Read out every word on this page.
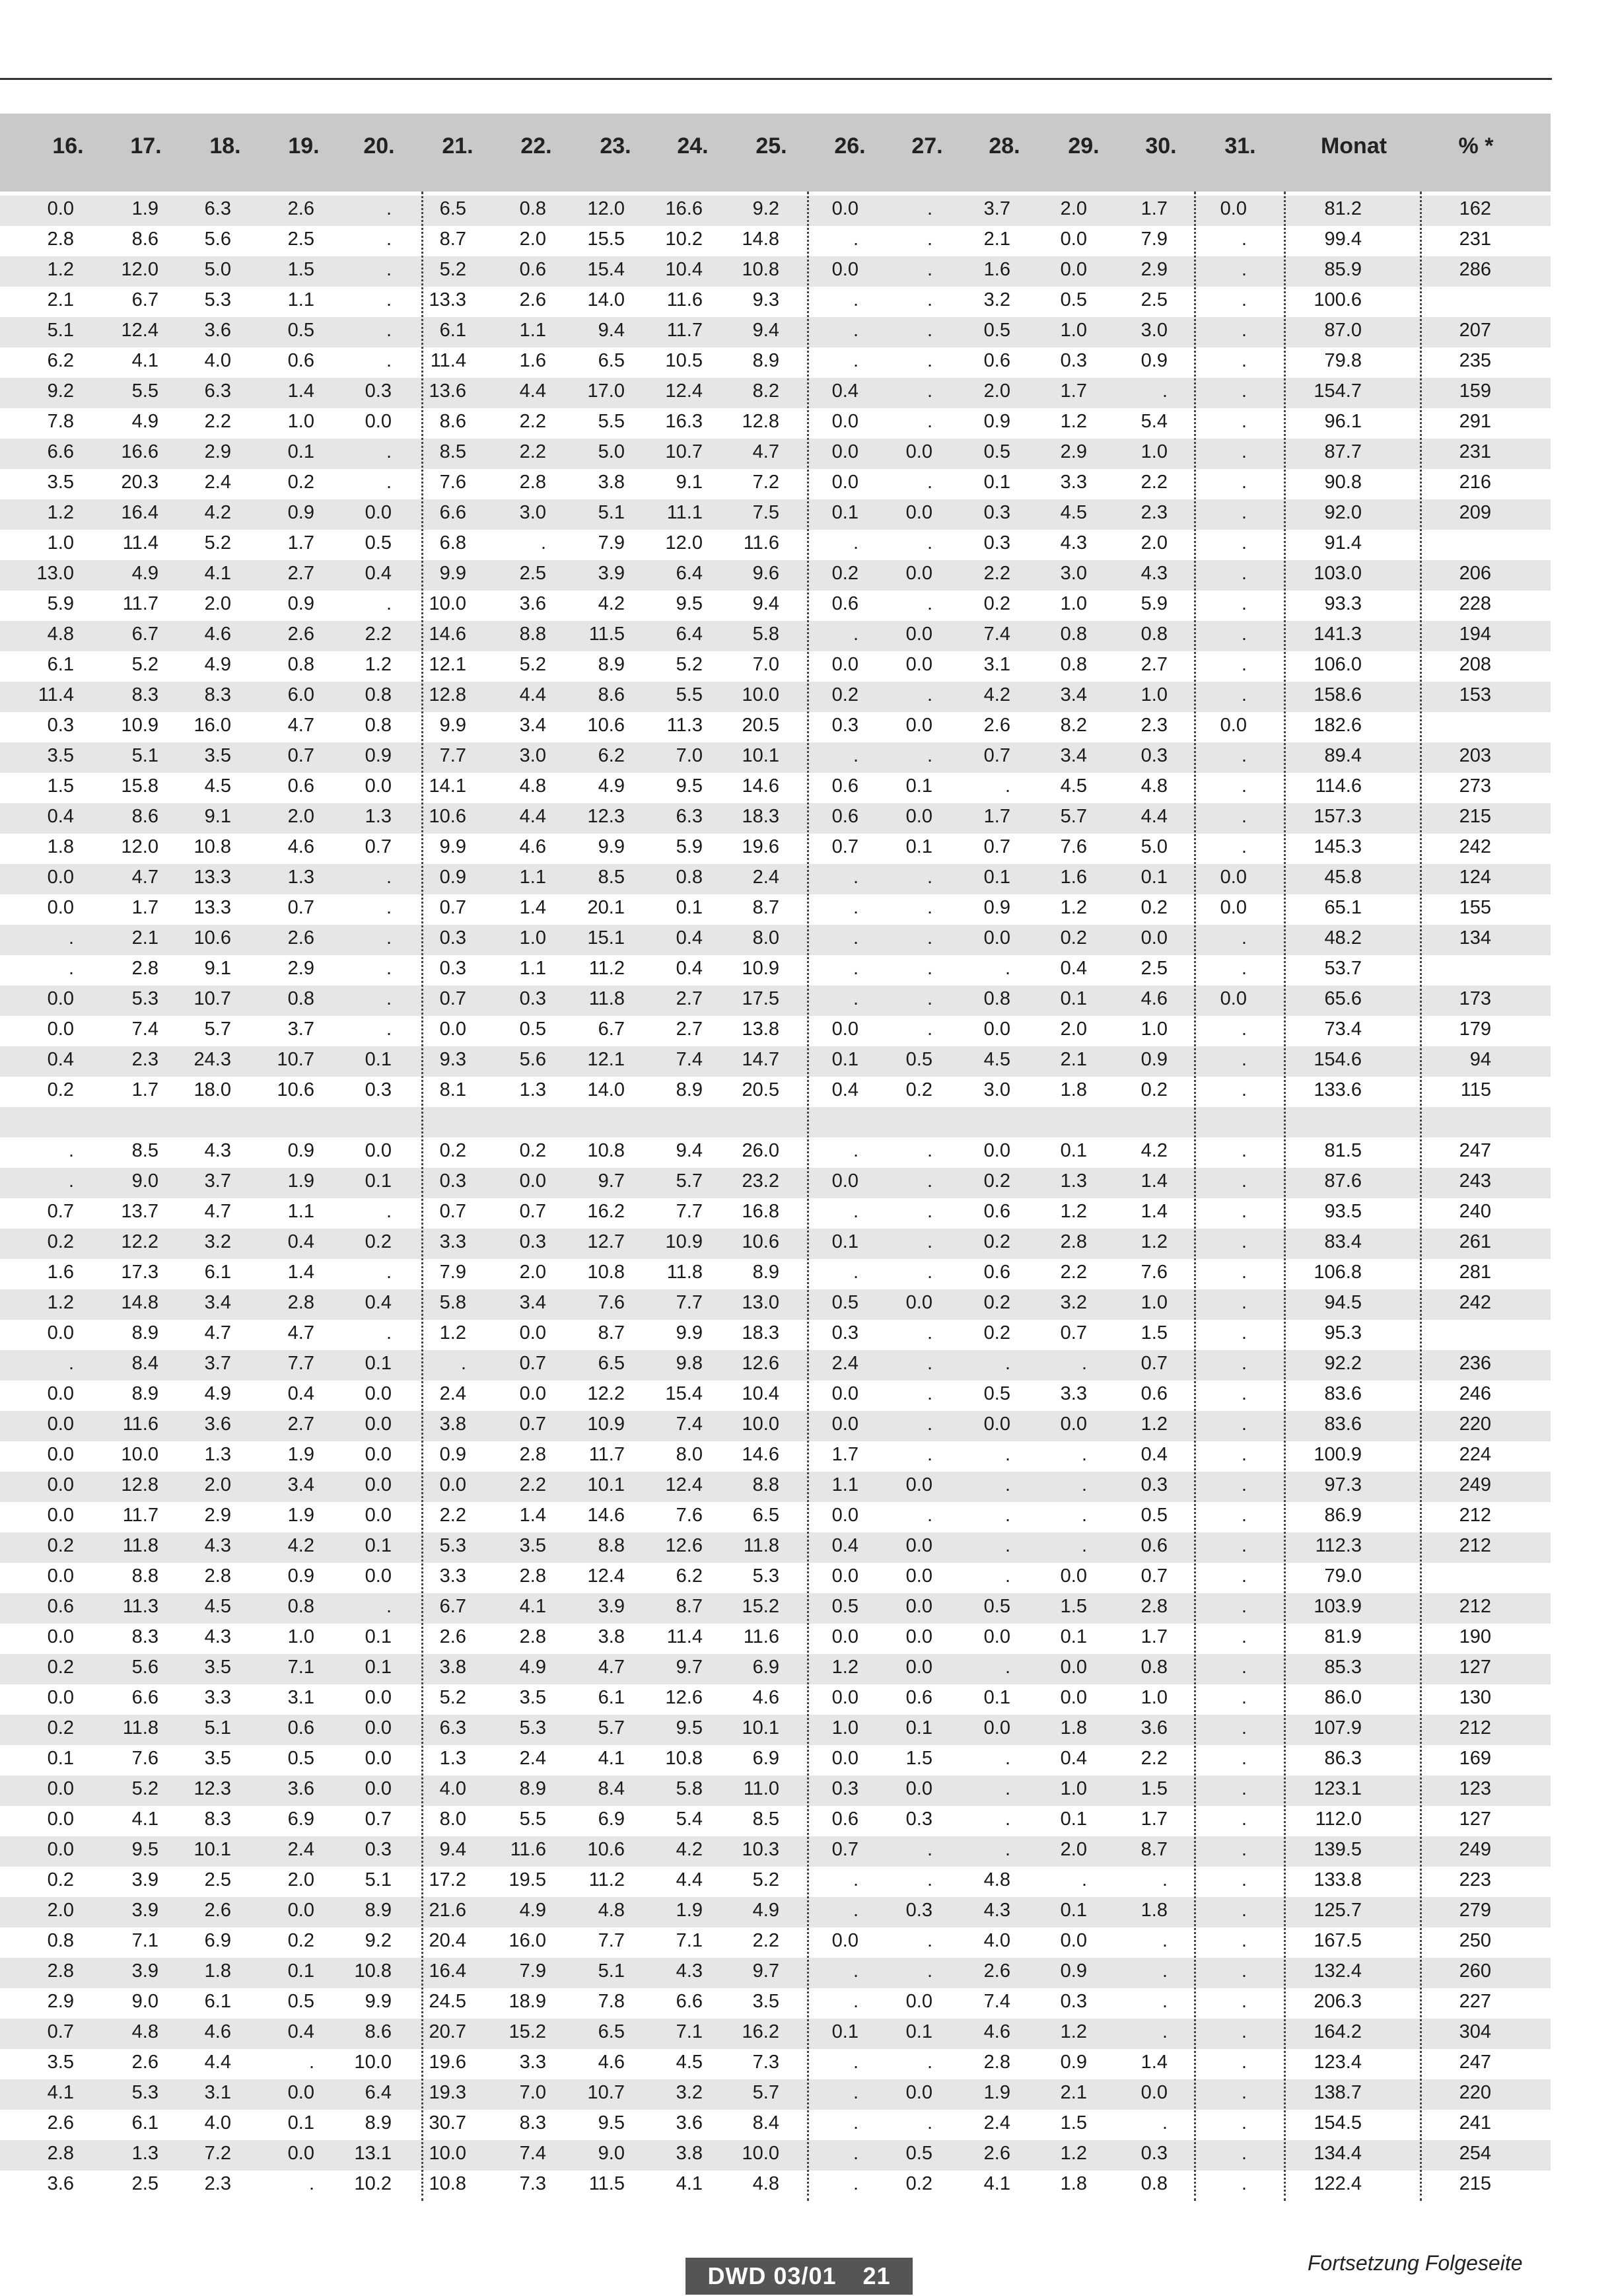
16.	17.	18.	19.	20.	21.	22.	23.	24.	25.	26.	27.	28.	29.	30.	31.	Monat	% *
0.0	1.9	6.3	2.6	.	6.5	0.8	12.0	16.6	9.2	0.0	.	3.7	2.0	1.7	0.0	81.2	162
2.8	8.6	5.6	2.5	.	8.7	2.0	15.5	10.2	14.8	.	.	2.1	0.0	7.9	.	99.4	231
1.2	12.0	5.0	1.5	.	5.2	0.6	15.4	10.4	10.8	0.0	.	1.6	0.0	2.9	.	85.9	286
2.1	6.7	5.3	1.1	.	13.3	2.6	14.0	11.6	9.3	.	.	3.2	0.5	2.5	.	100.6
5.1	12.4	3.6	0.5	.	6.1	1.1	9.4	11.7	9.4	.	.	0.5	1.0	3.0	.	87.0	207
6.2	4.1	4.0	0.6	.	11.4	1.6	6.5	10.5	8.9	.	.	0.6	0.3	0.9	.	79.8	235
9.2	5.5	6.3	1.4	0.3	13.6	4.4	17.0	12.4	8.2	0.4	.	2.0	1.7	.	.	154.7	159
7.8	4.9	2.2	1.0	0.0	8.6	2.2	5.5	16.3	12.8	0.0	.	0.9	1.2	5.4	.	96.1	291
6.6	16.6	2.9	0.1	.	8.5	2.2	5.0	10.7	4.7	0.0	0.0	0.5	2.9	1.0	.	87.7	231
3.5	20.3	2.4	0.2	.	7.6	2.8	3.8	9.1	7.2	0.0	.	0.1	3.3	2.2	.	90.8	216
1.2	16.4	4.2	0.9	0.0	6.6	3.0	5.1	11.1	7.5	0.1	0.0	0.3	4.5	2.3	.	92.0	209
1.0	11.4	5.2	1.7	0.5	6.8	.	7.9	12.0	11.6	.	.	0.3	4.3	2.0	.	91.4
13.0	4.9	4.1	2.7	0.4	9.9	2.5	3.9	6.4	9.6	0.2	0.0	2.2	3.0	4.3	.	103.0	206
5.9	11.7	2.0	0.9	.	10.0	3.6	4.2	9.5	9.4	0.6	.	0.2	1.0	5.9	.	93.3	228
4.8	6.7	4.6	2.6	2.2	14.6	8.8	11.5	6.4	5.8	.	0.0	7.4	0.8	0.8	.	141.3	194
6.1	5.2	4.9	0.8	1.2	12.1	5.2	8.9	5.2	7.0	0.0	0.0	3.1	0.8	2.7	.	106.0	208
11.4	8.3	8.3	6.0	0.8	12.8	4.4	8.6	5.5	10.0	0.2	.	4.2	3.4	1.0	.	158.6	153
0.3	10.9	16.0	4.7	0.8	9.9	3.4	10.6	11.3	20.5	0.3	0.0	2.6	8.2	2.3	0.0	182.6
3.5	5.1	3.5	0.7	0.9	7.7	3.0	6.2	7.0	10.1	.	.	0.7	3.4	0.3	.	89.4	203
1.5	15.8	4.5	0.6	0.0	14.1	4.8	4.9	9.5	14.6	0.6	0.1	.	4.5	4.8	.	114.6	273
0.4	8.6	9.1	2.0	1.3	10.6	4.4	12.3	6.3	18.3	0.6	0.0	1.7	5.7	4.4	.	157.3	215
1.8	12.0	10.8	4.6	0.7	9.9	4.6	9.9	5.9	19.6	0.7	0.1	0.7	7.6	5.0	.	145.3	242
0.0	4.7	13.3	1.3	.	0.9	1.1	8.5	0.8	2.4	.	.	0.1	1.6	0.1	0.0	45.8	124
0.0	1.7	13.3	0.7	.	0.7	1.4	20.1	0.1	8.7	.	.	0.9	1.2	0.2	0.0	65.1	155
.	2.1	10.6	2.6	.	0.3	1.0	15.1	0.4	8.0	.	.	0.0	0.2	0.0	.	48.2	134
.	2.8	9.1	2.9	.	0.3	1.1	11.2	0.4	10.9	.	.	.	0.4	2.5	.	53.7
0.0	5.3	10.7	0.8	.	0.7	0.3	11.8	2.7	17.5	.	.	0.8	0.1	4.6	0.0	65.6	173
0.0	7.4	5.7	3.7	.	0.0	0.5	6.7	2.7	13.8	0.0	.	0.0	2.0	1.0	.	73.4	179
0.4	2.3	24.3	10.7	0.1	9.3	5.6	12.1	7.4	14.7	0.1	0.5	4.5	2.1	0.9	.	154.6	94
0.2	1.7	18.0	10.6	0.3	8.1	1.3	14.0	8.9	20.5	0.4	0.2	3.0	1.8	0.2	.	133.6	115
.	8.5	4.3	0.9	0.0	0.2	0.2	10.8	9.4	26.0	.	.	0.0	0.1	4.2	.	81.5	247
.	9.0	3.7	1.9	0.1	0.3	0.0	9.7	5.7	23.2	0.0	.	0.2	1.3	1.4	.	87.6	243
0.7	13.7	4.7	1.1	.	0.7	0.7	16.2	7.7	16.8	.	.	0.6	1.2	1.4	.	93.5	240
0.2	12.2	3.2	0.4	0.2	3.3	0.3	12.7	10.9	10.6	0.1	.	0.2	2.8	1.2	.	83.4	261
1.6	17.3	6.1	1.4	.	7.9	2.0	10.8	11.8	8.9	.	.	0.6	2.2	7.6	.	106.8	281
1.2	14.8	3.4	2.8	0.4	5.8	3.4	7.6	7.7	13.0	0.5	0.0	0.2	3.2	1.0	.	94.5	242
0.0	8.9	4.7	4.7	.	1.2	0.0	8.7	9.9	18.3	0.3	.	0.2	0.7	1.5	.	95.3
.	8.4	3.7	7.7	0.1	.	0.7	6.5	9.8	12.6	2.4	.	.	.	0.7	.	92.2	236
0.0	8.9	4.9	0.4	0.0	2.4	0.0	12.2	15.4	10.4	0.0	.	0.5	3.3	0.6	.	83.6	246
0.0	11.6	3.6	2.7	0.0	3.8	0.7	10.9	7.4	10.0	0.0	.	0.0	0.0	1.2	.	83.6	220
0.0	10.0	1.3	1.9	0.0	0.9	2.8	11.7	8.0	14.6	1.7	.	.	.	0.4	.	100.9	224
0.0	12.8	2.0	3.4	0.0	0.0	2.2	10.1	12.4	8.8	1.1	0.0	.	.	0.3	.	97.3	249
0.0	11.7	2.9	1.9	0.0	2.2	1.4	14.6	7.6	6.5	0.0	.	.	.	0.5	.	86.9	212
0.2	11.8	4.3	4.2	0.1	5.3	3.5	8.8	12.6	11.8	0.4	0.0	.	.	0.6	.	112.3	212
0.0	8.8	2.8	0.9	0.0	3.3	2.8	12.4	6.2	5.3	0.0	0.0	.	0.0	0.7	.	79.0
0.6	11.3	4.5	0.8	.	6.7	4.1	3.9	8.7	15.2	0.5	0.0	0.5	1.5	2.8	.	103.9	212
0.0	8.3	4.3	1.0	0.1	2.6	2.8	3.8	11.4	11.6	0.0	0.0	0.0	0.1	1.7	.	81.9	190
0.2	5.6	3.5	7.1	0.1	3.8	4.9	4.7	9.7	6.9	1.2	0.0	.	0.0	0.8	.	85.3	127
0.0	6.6	3.3	3.1	0.0	5.2	3.5	6.1	12.6	4.6	0.0	0.6	0.1	0.0	1.0	.	86.0	130
0.2	11.8	5.1	0.6	0.0	6.3	5.3	5.7	9.5	10.1	1.0	0.1	0.0	1.8	3.6	.	107.9	212
0.1	7.6	3.5	0.5	0.0	1.3	2.4	4.1	10.8	6.9	0.0	1.5	.	0.4	2.2	.	86.3	169
0.0	5.2	12.3	3.6	0.0	4.0	8.9	8.4	5.8	11.0	0.3	0.0	.	1.0	1.5	.	123.1	123
0.0	4.1	8.3	6.9	0.7	8.0	5.5	6.9	5.4	8.5	0.6	0.3	.	0.1	1.7	.	112.0	127
0.0	9.5	10.1	2.4	0.3	9.4	11.6	10.6	4.2	10.3	0.7	.	.	2.0	8.7	.	139.5	249
0.2	3.9	2.5	2.0	5.1	17.2	19.5	11.2	4.4	5.2	.	.	4.8	.	.	.	133.8	223
2.0	3.9	2.6	0.0	8.9	21.6	4.9	4.8	1.9	4.9	.	0.3	4.3	0.1	1.8	.	125.7	279
0.8	7.1	6.9	0.2	9.2	20.4	16.0	7.7	7.1	2.2	0.0	.	4.0	0.0	.	.	167.5	250
2.8	3.9	1.8	0.1	10.8	16.4	7.9	5.1	4.3	9.7	.	.	2.6	0.9	.	.	132.4	260
2.9	9.0	6.1	0.5	9.9	24.5	18.9	7.8	6.6	3.5	.	0.0	7.4	0.3	.	.	206.3	227
0.7	4.8	4.6	0.4	8.6	20.7	15.2	6.5	7.1	16.2	0.1	0.1	4.6	1.2	.	.	164.2	304
3.5	2.6	4.4	.	10.0	19.6	3.3	4.6	4.5	7.3	.	.	2.8	0.9	1.4	.	123.4	247
4.1	5.3	3.1	0.0	6.4	19.3	7.0	10.7	3.2	5.7	.	0.0	1.9	2.1	0.0	.	138.7	220
2.6	6.1	4.0	0.1	8.9	30.7	8.3	9.5	3.6	8.4	.	.	2.4	1.5	.	.	154.5	241
2.8	1.3	7.2	0.0	13.1	10.0	7.4	9.0	3.8	10.0	.	0.5	2.6	1.2	0.3	.	134.4	254
3.6	2.5	2.3	.	10.2	10.8	7.3	11.5	4.1	4.8	.	0.2	4.1	1.8	0.8	.	122.4	215
DWD 03/01 21	Fortsetzung Folgeseite
